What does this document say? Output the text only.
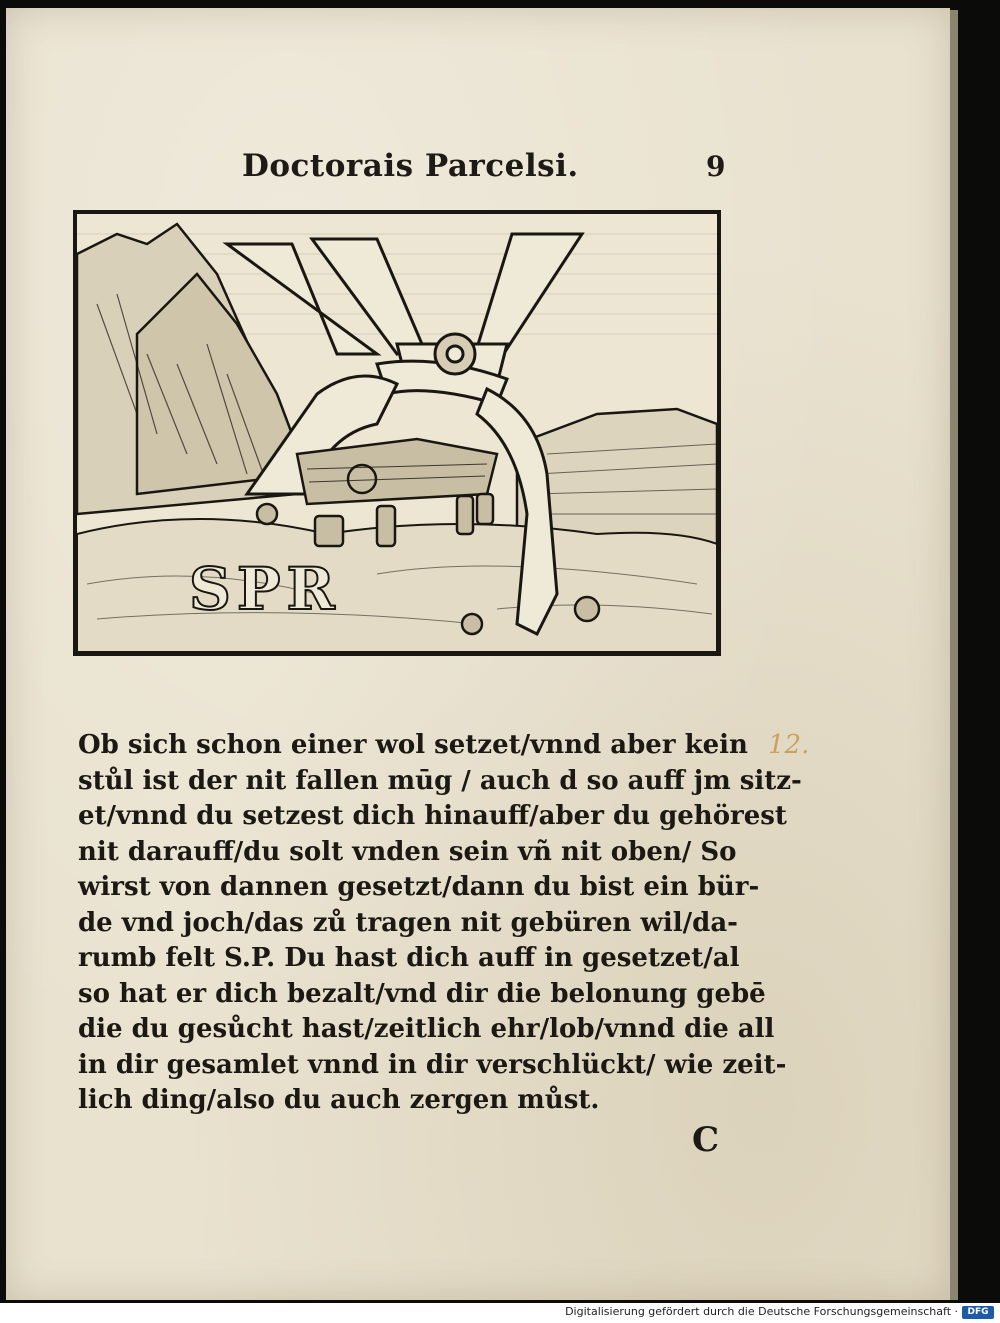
Doctorais Parcelsi.	9
SPR
Ob sich schon einer wol setzet/vnnd aber kein
stůl ist der nit fallen mūg / auch d so auff jm sitz-
et/vnnd du setzest dich hinauff/aber du gehörest
nit darauff/du solt vnden sein vñ nit oben/ So
wirst von dannen gesetzt/dann du bist ein bür-
de vnd joch/das zů tragen nit gebüren wil/da-
rumb felt S.P. Du hast dich auff in gesetzet/al
so hat er dich bezalt/vnd dir die belonung gebē
die du gesůcht hast/zeitlich ehr/lob/vnnd die all
in dir gesamlet vnnd in dir verschlückt/ wie zeit-
lich ding/also du auch zergen můst.
12.
C
Digitalisierung gefördert durch die Deutsche Forschungsgemeinschaft ·	DFG
